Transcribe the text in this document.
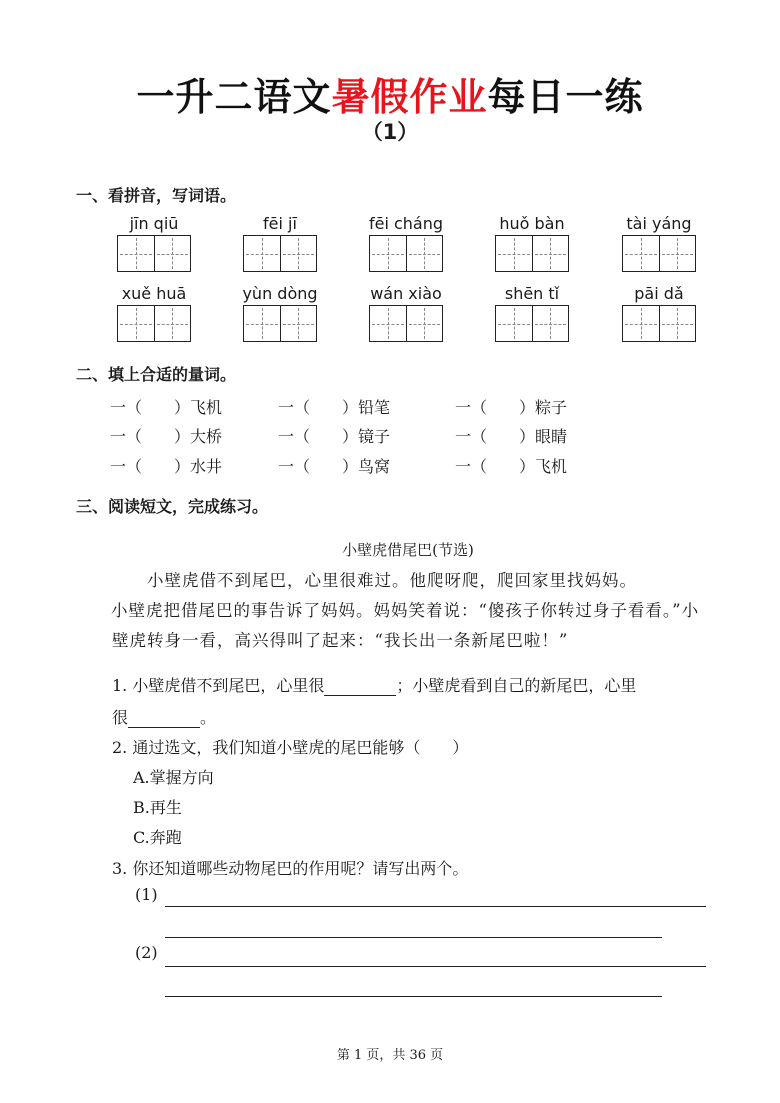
一升二语文暑假作业每日一练
（1）
一、看拼音，写词语。
jīn qiū	fēi jī	fēi cháng	huǒ bàn	tài yáng
xuě huā	yùn dòng	wán xiào	shēn tǐ	pāi dǎ
二、填上合适的量词。
一（　　）飞机	一（　　）铅笔	一（　　）粽子
一（　　）大桥	一（　　）镜子	一（　　）眼睛
一（　　）水井	一（　　）鸟窝	一（　　）飞机
三、阅读短文，完成练习。
小壁虎借尾巴(节选)
小壁虎借不到尾巴，心里很难过。他爬呀爬，爬回家里找妈妈。
小壁虎把借尾巴的事告诉了妈妈。妈妈笑着说：“傻孩子你转过身子看看。”小壁虎转身一看，高兴得叫了起来：“我长出一条新尾巴啦！”
1. 小壁虎借不到尾巴，心里很	；小壁虎看到自己的新尾巴，心里
很	。
2. 通过选文，我们知道小壁虎的尾巴能够（　　）
A.掌握方向
B.再生
C.奔跑
3. 你还知道哪些动物尾巴的作用呢？请写出两个。
(1)
(2)
第 1 页，共 36 页
